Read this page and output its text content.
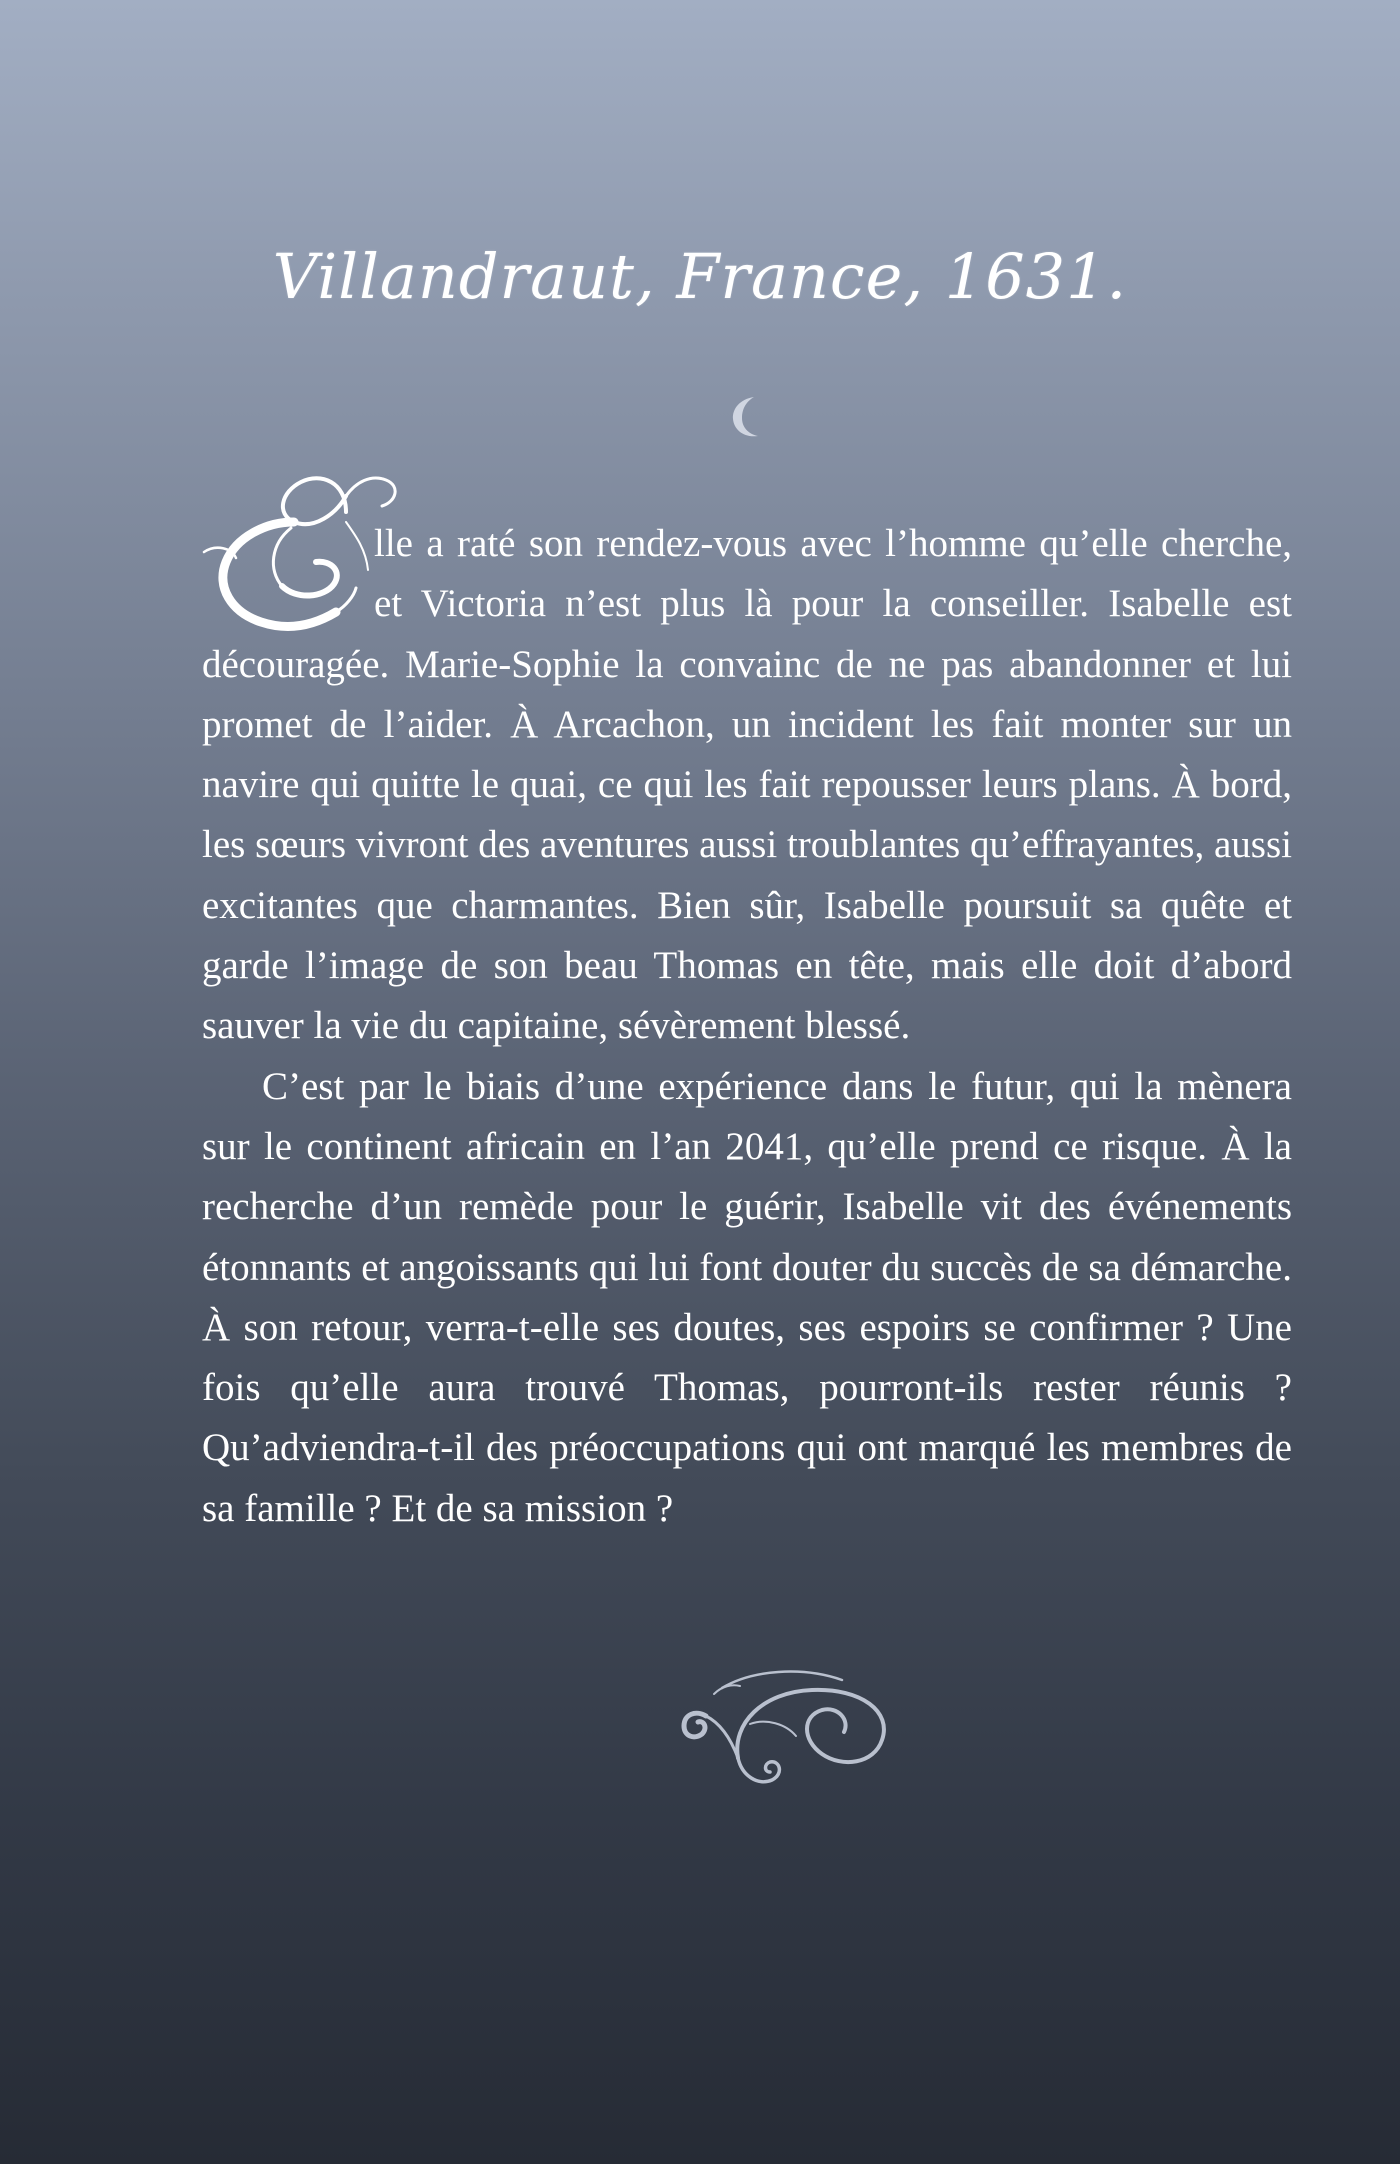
Villandraut, France, 1631.

lle a raté son rendez-vous avec l’homme qu’elle cherche, et Victoria n’est plus là pour la conseiller. Isabelle est découragée. Marie-Sophie la convainc de ne pas abandonner et lui promet de l’aider. À Arcachon, un incident les fait monter sur un navire qui quitte le quai, ce qui les fait repousser leurs plans. À bord, les sœurs vivront des aventures aussi troublantes qu’effrayantes, aussi excitantes que charmantes. Bien sûr, Isabelle poursuit sa quête et garde l’image de son beau Thomas en tête, mais elle doit d’abord sauver la vie du capitaine, sévèrement blessé.

C’est par le biais d’une expérience dans le futur, qui la mènera sur le continent africain en l’an 2041, qu’elle prend ce risque. À la recherche d’un remède pour le guérir, Isabelle vit des événements étonnants et angoissants qui lui font douter du succès de sa démarche. À son retour, verra-t-elle ses doutes, ses espoirs se confirmer ? Une fois qu’elle aura trouvé Thomas, pourront-ils rester réunis ? Qu’adviendra-t-il des préoccupations qui ont marqué les membres de sa famille ? Et de sa mission ?
